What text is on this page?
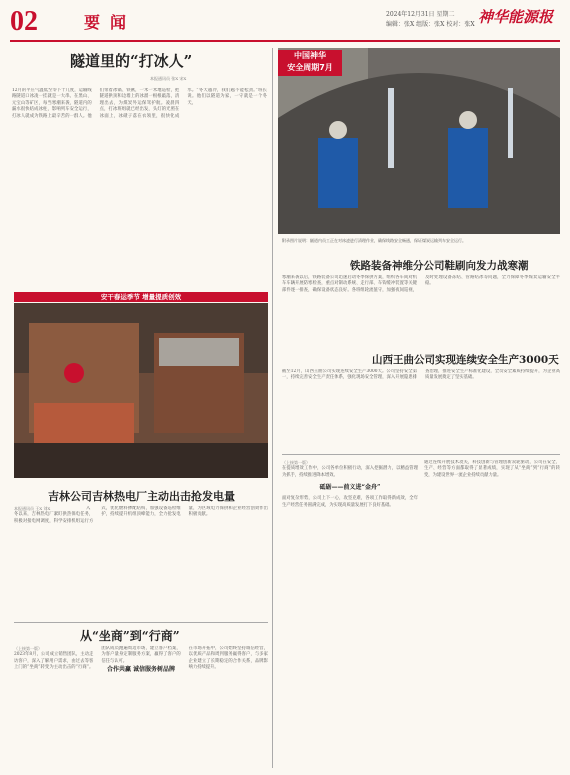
02	要闻	2024年12月31日 星期二
编辑：张X 组版：张X 校对：张X 神华能源报
隧道里的“打冰人”
本报通讯员 张X 宋X
12月的平庄气温低至零下十几度，运输线路隧道口冰凌一挂就是一大串。在黑山、元宝山等矿区，每当寒潮来袭，隧道内的漏水很快结成冰柱，影响列车安全运行，打冰人就成为铁路上最辛苦的一群人。他们带着冰镐、铁锹，一米一米地巡检，把隧道拱顶和边墙上的冰溜一根根敲落，清理出去，为煤炭外运保驾护航。凌晨四点，打冰班组就已经出发，头灯的光照在冰面上，冰碴子落在衣领里，很快化成水。“冬天越冷，我们越不能松劲。”班长说。他们以隧道为家，一守就是一个冬天。
中国神华
安全周期7月
附录图片说明：隧道内员工正在对冰凌进行清理作业，确保线路安全畅通，保证煤炭运输列车安全运行。
铁路装备神维分公司鞋刷向发力战寒潮
寒潮来袭以后，铁路装备公司迅速启动冬季保供方案，组织各车间对机车车辆开展防寒检查，重点对制动系统、走行部、车钩缓冲装置等关键部件逐一排查，确保设备状态良好。各班组轮流值守，加强夜间巡视，及时处理设备冻结、管路结冰等问题，全力保障冬季煤炭运输安全平稳。
山西王曲公司实现连续安全生产3000天
截至12月，山西王曲公司实现连续安全生产3000天。公司坚持安全第一，持续完善安全生产责任体系，强化现场安全管理，深入开展隐患排查治理，推进安全生产标准化建设，全员安全素质持续提升，为企业高质量发展奠定了坚实基础。
安干春运季节 增量提质创效
吉林公司吉林热电厂主动出击抢发电量
本报通讯员 王X 刘X	入冬以来，吉林热电厂紧盯供热保电任务，积极对接电网调度，科学安排机组运行方式，优化燃料掺配结构，加强设备巡检维护，持续提升机组顶峰能力，全力抢发电量，为区域电力保供和企业经营创效作出积极贡献。
从“坐商”到“行商”
（上接第一版）
2023年8月，公司成立销售团队，主动走访客户，深入了解用户需求，由过去等客上门的“坐商”转变为主动出击的“行商”。团队成员跑遍周边市场，建立客户档案，为客户量身定制服务方案，赢得了客户的信任与认可。
合作共赢 诚信服务树品牌
在市场开拓中，公司始终坚持诚信经营，以优质产品和周到服务赢得客户，与多家企业建立了长期稳定的合作关系，品牌影响力持续提升。
（上接第一版）
在提质增效工作中，公司各单位积极行动，深入挖掘潜力，以精益管理为抓手，持续推进降本增效。
砥砺——前义进“金舟”
面对复杂形势，公司上下一心，攻坚克难，各项工作取得新成效，全年生产经营任务圆满完成，为实现高质量发展打下良好基础。
通过连续开展技术攻关，科技创新与管理创新双轮驱动，公司在安全、生产、经营等方面都取得了显著成绩，实现了从“坐商”到“行商”的转变，为建设世界一流企业持续贡献力量。
